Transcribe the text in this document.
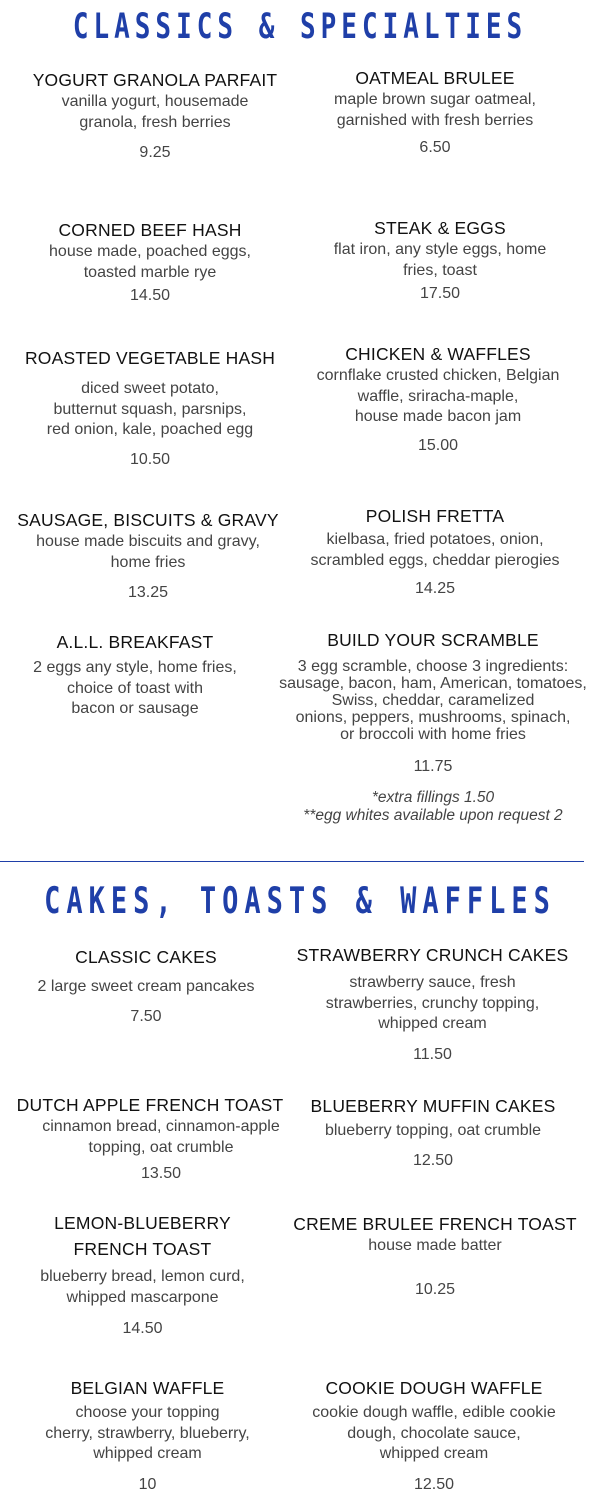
CLASSICS & SPECIALTIES
YOGURT GRANOLA PARFAIT
vanilla yogurt, housemade
granola, fresh berries
9.25
OATMEAL BRULEE
maple brown sugar oatmeal,
garnished with fresh berries
6.50
CORNED BEEF HASH
house made, poached eggs,
toasted marble rye
14.50
STEAK & EGGS
flat iron, any style eggs, home
fries, toast
17.50
ROASTED VEGETABLE HASH
diced sweet potato,
butternut squash, parsnips,
red onion, kale, poached egg
10.50
CHICKEN & WAFFLES
cornflake crusted chicken, Belgian
waffle, sriracha-maple,
house made bacon jam
15.00
SAUSAGE, BISCUITS & GRAVY
house made biscuits and gravy,
home fries
13.25
POLISH FRETTA
kielbasa, fried potatoes, onion,
scrambled eggs, cheddar pierogies
14.25
A.L.L. BREAKFAST
2 eggs any style, home fries,
choice of toast with
bacon or sausage
BUILD YOUR SCRAMBLE
3 egg scramble, choose 3 ingredients:
sausage, bacon, ham, American, tomatoes,
Swiss, cheddar, caramelized
onions, peppers, mushrooms, spinach,
or broccoli with home fries
11.75
*extra fillings 1.50
**egg whites available upon request 2
CAKES, TOASTS & WAFFLES
CLASSIC CAKES
2 large sweet cream pancakes
7.50
STRAWBERRY CRUNCH CAKES
strawberry sauce, fresh
strawberries, crunchy topping,
whipped cream
11.50
DUTCH APPLE FRENCH TOAST
cinnamon bread, cinnamon-apple
topping, oat crumble
13.50
BLUEBERRY MUFFIN CAKES
blueberry topping, oat crumble
12.50
LEMON-BLUEBERRY
FRENCH TOAST
blueberry bread, lemon curd,
whipped mascarpone
14.50
CREME BRULEE FRENCH TOAST
house made batter
10.25
BELGIAN WAFFLE
choose your topping
cherry, strawberry, blueberry,
whipped cream
10
COOKIE DOUGH WAFFLE
cookie dough waffle, edible cookie
dough, chocolate sauce,
whipped cream
12.50
